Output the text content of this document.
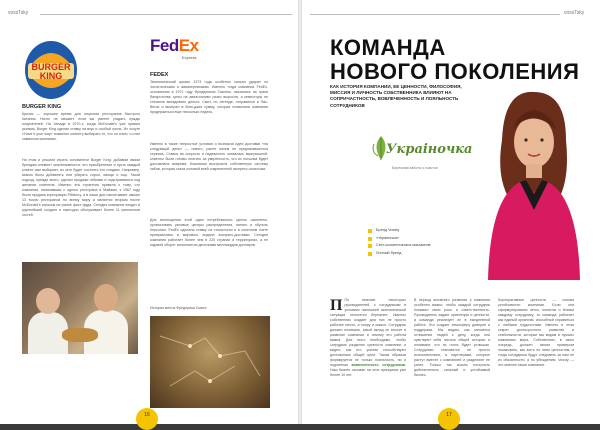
vossTsky
BURGER
KING
BURGER KING
Кризис — хорошее время для открытия ресторанов быстрого питания. Ничто не мешает, если вы умеете угадать нужды покупателей. На Западе в 1970-х, когда McDonald's уже правил рынком, Burger King сделал ставку на вкус и особый гриль. Их лозунг «Have it your way» позволил клиенту выбирать то, что он хочет, и стал символом компании.
На этом и решили играть основатели Burger King: добавим своим брендам элемент эксклюзивности: это приобретение и пусть каждый клиент сам выбирает, из чего будет состоять его сэндвич. Например, можно было добавлять или убирать соусы, овощи и сыр. Такой подход, прежде всего, сделал продажи гибкими и подстраивался под желания клиентов. Именно эта стратегия привела к тому, что компания, начинавшая с одного ресторана в Майами, к 1967 году была продана корпорации Pillsbury, а в наши дни насчитывает свыше 13 тысяч ресторанов по всему миру и является вторым после McDonald's игроком на рынке фаст-фуда. Сегодня компания входит в крупнейший холдинг и ежегодно обслуживает более 11 миллионов гостей.
FedEx
Express
FEDEX
Экономический кризис 1973 года особенно сильно ударил по логистическим и авиаперевозкам. Именно тогда компания FedEx, основанная в 1971 году Фредериком Смитом, оказалась на грани банкротства: цены на авиатопливо резко выросли, а инвесторы не спешили вкладывать деньги. Смит, по легенде, отправился в Лас-Вегас и выиграл в блек-джек сумму, которая позволила компании продержаться еще несколько недель.
Именно в такие непростые условия и возникла идея доставки «на следующий день» — нового, ранее никем не предлагавшегося сервиса. Ставка на скорость и надежность оказалась выигрышной: клиенты были готовы платить за уверенность, что их посылка будет доставлена вовремя. Компания выстроила собственную систему хабов, которая стала основой всей современной экспресс-логистики.
Для воплощения этой идеи потребовалось купить самолеты, организовать узловые центры распределения, нанять и обучить персонал. FedEx сделала ставку на технологии и в конечном счете превратилась в мирового лидера экспресс-доставки. Сегодня компания работает более чем в 220 странах и территориях, а ее годовой оборот исчисляется десятками миллиардов долларов.
История мечты Фредерика Смита
16
vossTsky
КОМАНДА
НОВОГО ПОКОЛЕНИЯ
КАК ИСТОРИЯ КОМПАНИИ, ЕЕ ЦЕННОСТИ, ФИЛОСОФИЯ, МИССИЯ И ЛИЧНОСТЬ СОБСТВЕННИКА ВЛИЯЮТ НА СОПРИЧАСТНОСТЬ, ВОВЛЕЧЕННОСТЬ И ЛОЯЛЬНОСТЬ СОТРУДНИКОВ
Украiночка
Бережная забота о счастье
Бренд Vossty
«Украiночка»
Сеть косметических магазинов
Личный бренд
П По мнению некоторых руководителей, к сотрудникам в условиях нынешней экономической ситуации относятся бережнее. Именно собственник создает для них не просто рабочее место, а опору и смысл. Сотрудник должен понимать, какой вклад он вносит в развитие компании и почему его работа важна. Для этого необходимо, чтобы сотрудник разделял ценности компании и видел, как его усилия способствуют достижению общей цели. Таким образом формируется не только лояльность, но и подлинная вовлеченность сотрудников. Наш бизнес основан на этих принципах уже более 10 лет.
В период активного развития у компании особенно важно, чтобы каждый сотрудник понимал свою роль и ответственность. Руководитель задает ориентиры и ценности, а команда реализует их в ежедневной работе. Это создает атмосферу доверия и поддержки. Мы видим, как меняется отношение людей к делу, когда они чувствуют себя частью общей истории и понимают, что их голос будет услышан. Сотрудники становятся не просто исполнителями, а партнерами, которые растут вместе с компанией и разделяют ее успех. Только так можно построить действительно сильный и устойчивый бизнес.
Корпоративные ценности — основа устойчивости компании. Если они сформулированы четко, понятны и близки каждому сотруднику, то команда работает как единый организм, способный справиться с любыми трудностями. Именно в этом секрет долгосрочного развития и стабильности, которые мы видим в лучших компаниях мира. Собственник, в свою очередь, должен своим примером показывать, как жить по этим ценностям, и тогда сотрудники будут следовать за ним не из обязанности, а по убеждению. Vossty — это именно такая компания.
17
